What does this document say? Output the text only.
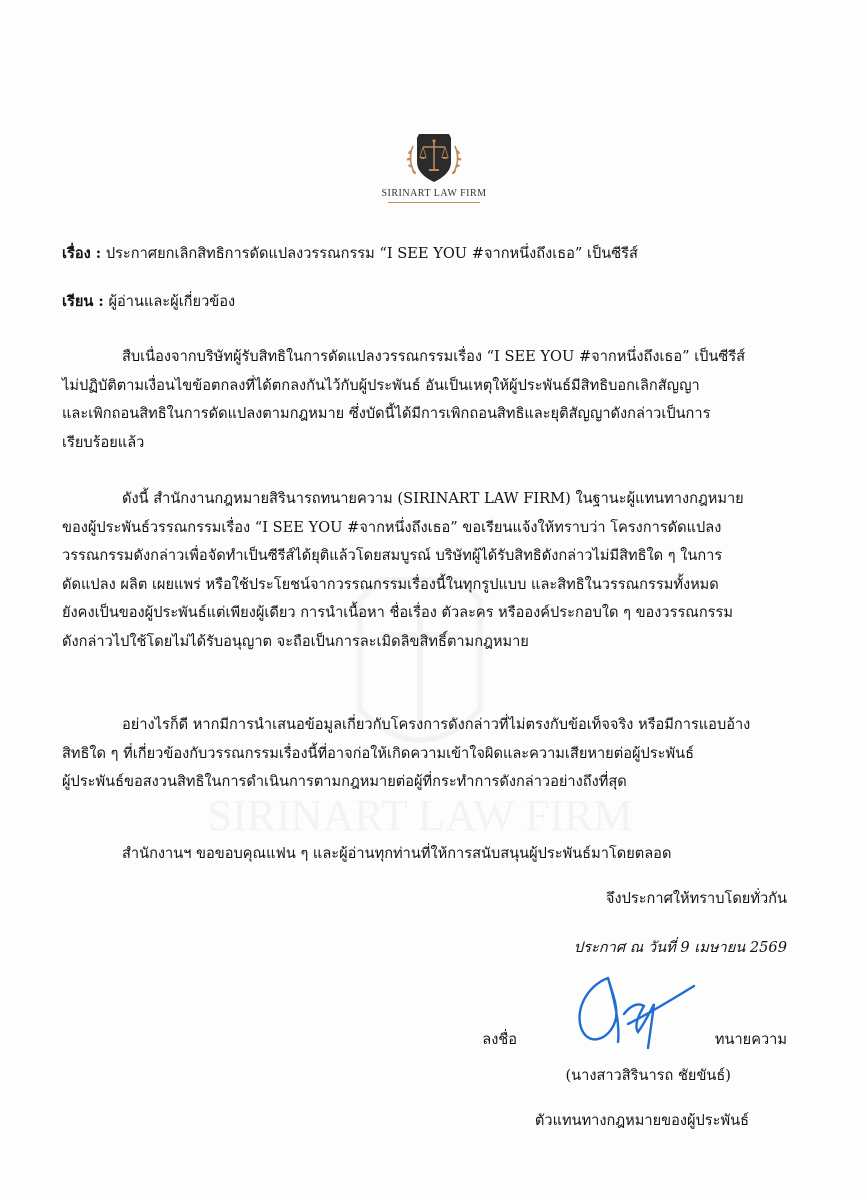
SIRINART LAW FIRM
SIRINART LAW FIRM
เรื่อง : ประกาศยกเลิกสิทธิการดัดแปลงวรรณกรรม “I SEE YOU #จากหนึ่งถึงเธอ” เป็นซีรีส์
เรียน : ผู้อ่านและผู้เกี่ยวข้อง
สืบเนื่องจากบริษัทผู้รับสิทธิในการดัดแปลงวรรณกรรมเรื่อง “I SEE YOU #จากหนึ่งถึงเธอ” เป็นซีรีส์
ไม่ปฏิบัติตามเงื่อนไขข้อตกลงที่ได้ตกลงกันไว้กับผู้ประพันธ์ อันเป็นเหตุให้ผู้ประพันธ์มีสิทธิบอกเลิกสัญญา
และเพิกถอนสิทธิในการดัดแปลงตามกฎหมาย ซึ่งบัดนี้ได้มีการเพิกถอนสิทธิและยุติสัญญาดังกล่าวเป็นการ
เรียบร้อยแล้ว
ดังนี้ สำนักงานกฎหมายสิรินารถทนายความ (SIRINART LAW FIRM) ในฐานะผู้แทนทางกฎหมาย
ของผู้ประพันธ์วรรณกรรมเรื่อง “I SEE YOU #จากหนึ่งถึงเธอ” ขอเรียนแจ้งให้ทราบว่า โครงการดัดแปลง
วรรณกรรมดังกล่าวเพื่อจัดทำเป็นซีรีส์ได้ยุติแล้วโดยสมบูรณ์ บริษัทผู้ได้รับสิทธิดังกล่าวไม่มีสิทธิใด ๆ ในการ
ดัดแปลง ผลิต เผยแพร่ หรือใช้ประโยชน์จากวรรณกรรมเรื่องนี้ในทุกรูปแบบ และสิทธิในวรรณกรรมทั้งหมด
ยังคงเป็นของผู้ประพันธ์แต่เพียงผู้เดียว การนำเนื้อหา ชื่อเรื่อง ตัวละคร หรือองค์ประกอบใด ๆ ของวรรณกรรม
ดังกล่าวไปใช้โดยไม่ได้รับอนุญาต จะถือเป็นการละเมิดลิขสิทธิ์ตามกฎหมาย
อย่างไรก็ดี หากมีการนำเสนอข้อมูลเกี่ยวกับโครงการดังกล่าวที่ไม่ตรงกับข้อเท็จจริง หรือมีการแอบอ้าง
สิทธิใด ๆ ที่เกี่ยวข้องกับวรรณกรรมเรื่องนี้ที่อาจก่อให้เกิดความเข้าใจผิดและความเสียหายต่อผู้ประพันธ์
ผู้ประพันธ์ขอสงวนสิทธิในการดำเนินการตามกฎหมายต่อผู้ที่กระทำการดังกล่าวอย่างถึงที่สุด
สำนักงานฯ ขอขอบคุณแฟน ๆ และผู้อ่านทุกท่านที่ให้การสนับสนุนผู้ประพันธ์มาโดยตลอด
จึงประกาศให้ทราบโดยทั่วกัน
ประกาศ ณ วันที่ 9 เมษายน 2569
ลงชื่อ	ทนายความ
(นางสาวสิรินารถ ชัยขันธ์)
ตัวแทนทางกฎหมายของผู้ประพันธ์
